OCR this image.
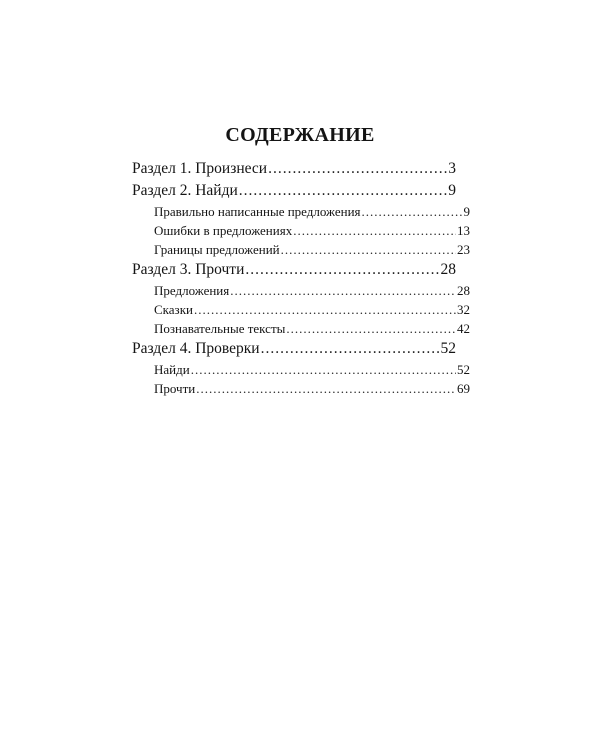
СОДЕРЖАНИЕ
Раздел 1. Произнеси .....	3
Раздел 2. Найди .....	9
Правильно написанные предложения .....	9
Ошибки в предложениях .....	13
Границы предложений .....	23
Раздел 3. Прочти .....	28
Предложения .....	28
Сказки .....	32
Познавательные тексты .....	42
Раздел 4. Проверки .....	52
Найди .....	52
Прочти .....	69
